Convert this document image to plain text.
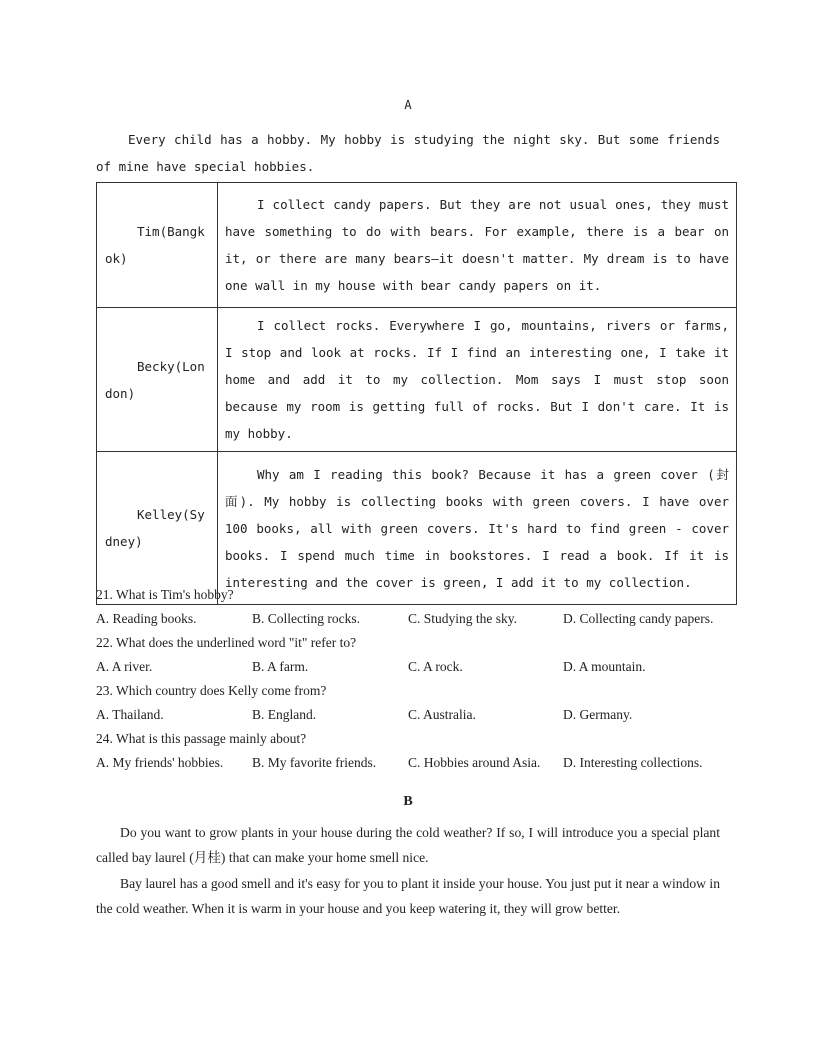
A
Every child has a hobby. My hobby is studying the night sky. But some friends of mine have special hobbies.
Tim(Bangkok)	I collect candy papers. But they are not usual ones, they must have something to do with bears. For example, there is a bear on it, or there are many bears—it doesn't matter. My dream is to have one wall in my house with bear candy papers on it.

Becky(London)	I collect rocks. Everywhere I go, mountains, rivers or farms, I stop and look at rocks. If I find an interesting one, I take it home and add it to my collection. Mom says I must stop soon because my room is getting full of rocks. But I don't care. It is my hobby.

Kelley(Sydney)	Why am I reading this book? Because it has a green cover (封面). My hobby is collecting books with green covers. I have over 100 books, all with green covers. It's hard to find green - cover books. I spend much time in bookstores. I read a book. If it is interesting and the cover is green, I add it to my collection.
21. What is Tim's hobby?
A. Reading books.	B. Collecting rocks.	C. Studying the sky.	D. Collecting candy papers.
22. What does the underlined word "it" refer to?
A. A river.	B. A farm.	C. A rock.	D. A mountain.
23. Which country does Kelly come from?
A. Thailand.	B. England.	C. Australia.	D. Germany.
24. What is this passage mainly about?
A. My friends' hobbies. B. My favorite friends. C. Hobbies around Asia. D. Interesting collections.
B
Do you want to grow plants in your house during the cold weather? If so, I will introduce you a special plant called bay laurel (月桂) that can make your home smell nice.
Bay laurel has a good smell and it's easy for you to plant it inside your house. You just put it near a window in the cold weather. When it is warm in your house and you keep watering it, they will grow better.
